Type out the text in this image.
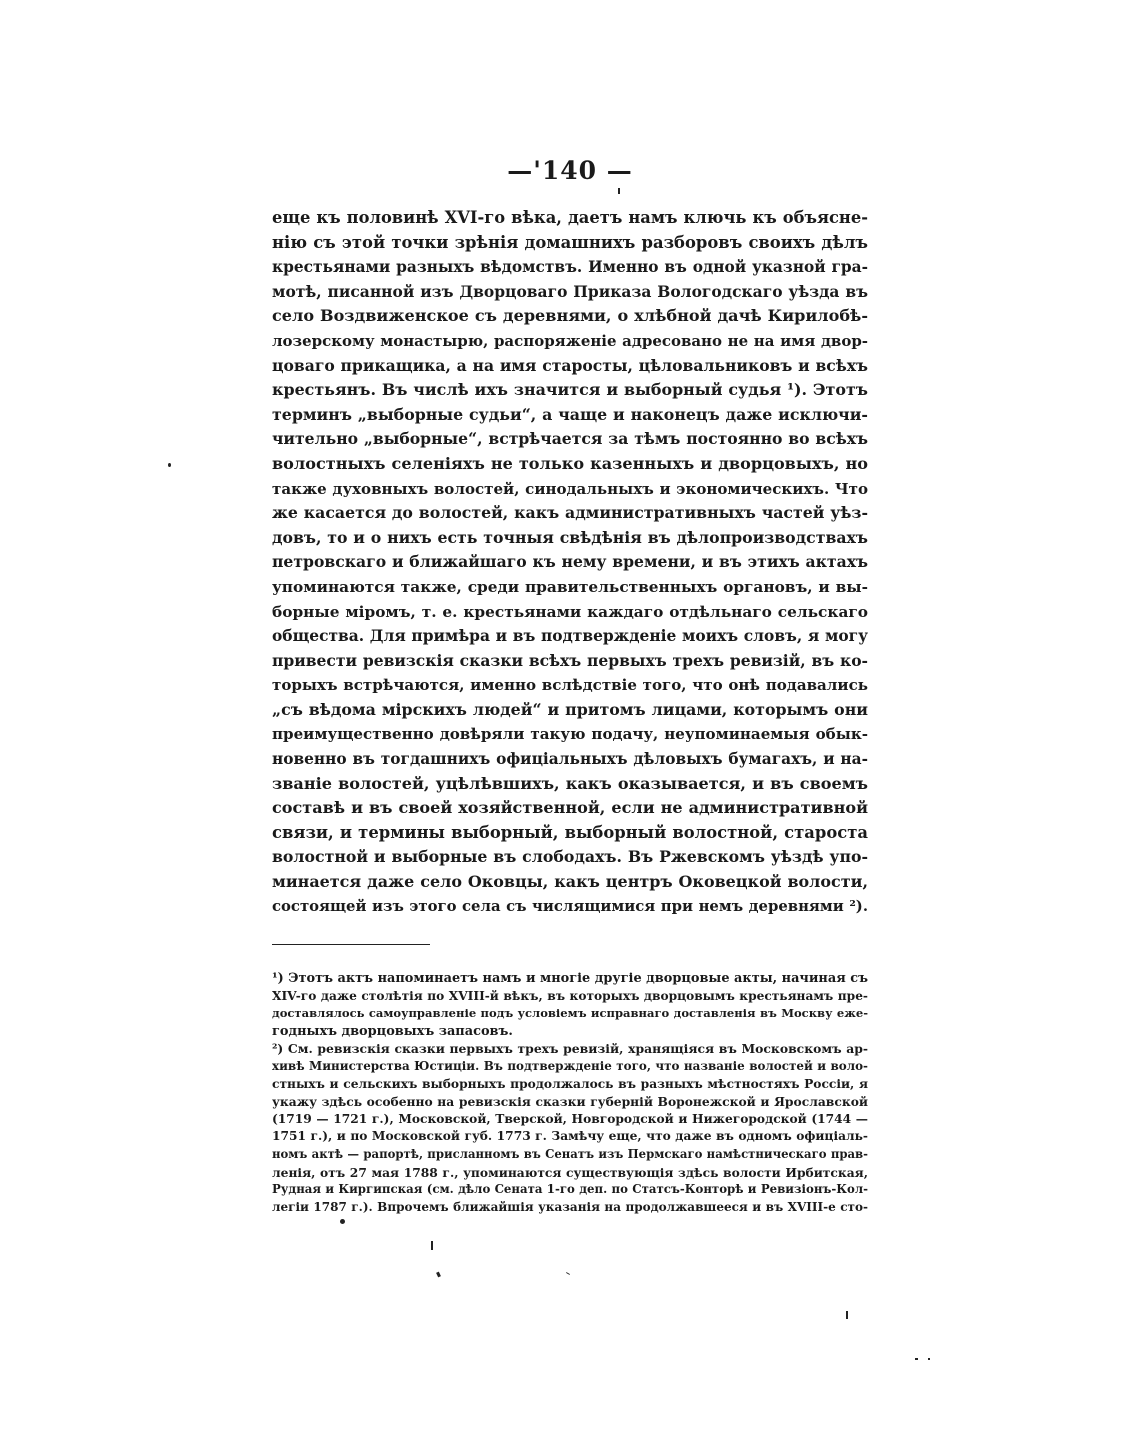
—'140 —
еще къ половинѣ XVI-го вѣка, даетъ намъ ключь къ объясне-
нію съ этой точки зрѣнія домашнихъ разборовъ своихъ дѣлъ
крестьянами разныхъ вѣдомствъ. Именно въ одной указной гра-
мотѣ, писанной изъ Дворцоваго Приказа Вологодскаго уѣзда въ
село Воздвиженское съ деревнями, о хлѣбной дачѣ Кирилобѣ-
лозерскому монастырю, распоряженіе адресовано не на имя двор-
цоваго прикащика, а на имя старосты, цѣловальниковъ и всѣхъ
крестьянъ. Въ числѣ ихъ значится и выборный судья ¹). Этотъ
терминъ „выборные судьи“, а чаще и наконецъ даже исключи-
чительно „выборные“, встрѣчается за тѣмъ постоянно во всѣхъ
волостныхъ селеніяхъ не только казенныхъ и дворцовыхъ, но
также духовныхъ волостей, синодальныхъ и экономическихъ. Что
же касается до волостей, какъ административныхъ частей уѣз-
довъ, то и о нихъ есть точныя свѣдѣнія въ дѣлопроизводствахъ
петровскаго и ближайшаго къ нему времени, и въ этихъ актахъ
упоминаются также, среди правительственныхъ органовъ, и вы-
борные міромъ, т. е. крестьянами каждаго отдѣльнаго сельскаго
общества. Для примѣра и въ подтвержденіе моихъ словъ, я могу
привести ревизскія сказки всѣхъ первыхъ трехъ ревизій, въ ко-
торыхъ встрѣчаются, именно вслѣдствіе того, что онѣ подавались
„съ вѣдома мірскихъ людей“ и притомъ лицами, которымъ они
преимущественно довѣряли такую подачу, неупоминаемыя обык-
новенно въ тогдашнихъ офиціальныхъ дѣловыхъ бумагахъ, и на-
званіе волостей, уцѣлѣвшихъ, какъ оказывается, и въ своемъ
составѣ и въ своей хозяйственной, если не административной
связи, и термины выборный, выборный волостной, староста
волостной и выборные въ слободахъ. Въ Ржевскомъ уѣздѣ упо-
минается даже село Оковцы, какъ центръ Оковецкой волости,
состоящей изъ этого села съ числящимися при немъ деревнями ²).
¹) Этотъ актъ напоминаетъ намъ и многіе другіе дворцовые акты, начиная съ
XIV-го даже столѣтія по XVIII-й вѣкъ, въ которыхъ дворцовымъ крестьянамъ пре-
доставлялось самоуправленіе подъ условіемъ исправнаго доставленія въ Москву еже-
годныхъ дворцовыхъ запасовъ.
²) См. ревизскія сказки первыхъ трехъ ревизій, хранящіяся въ Московскомъ ар-
хивѣ Министерства Юстиціи. Въ подтвержденіе того, что названіе волостей и воло-
стныхъ и сельскихъ выборныхъ продолжалось въ разныхъ мѣстностяхъ Россіи, я
укажу здѣсь особенно на ревизскія сказки губерній Воронежской и Ярославской
(1719 — 1721 г.), Московской, Тверской, Новгородской и Нижегородской (1744 —
1751 г.), и по Московской губ. 1773 г. Замѣчу еще, что даже въ одномъ офиціаль-
номъ актѣ — рапортѣ, присланномъ въ Сенатъ изъ Пермскаго намѣстническаго прав-
ленія, отъ 27 мая 1788 г., упоминаются существующія здѣсь волости Ирбитская,
Рудная и Киргипская (см. дѣло Сената 1-го деп. по Статсъ-Конторѣ и Ревизіонъ-Кол-
легіи 1787 г.). Впрочемъ ближайшія указанія на продолжавшееся и въ XVIII-е сто-
